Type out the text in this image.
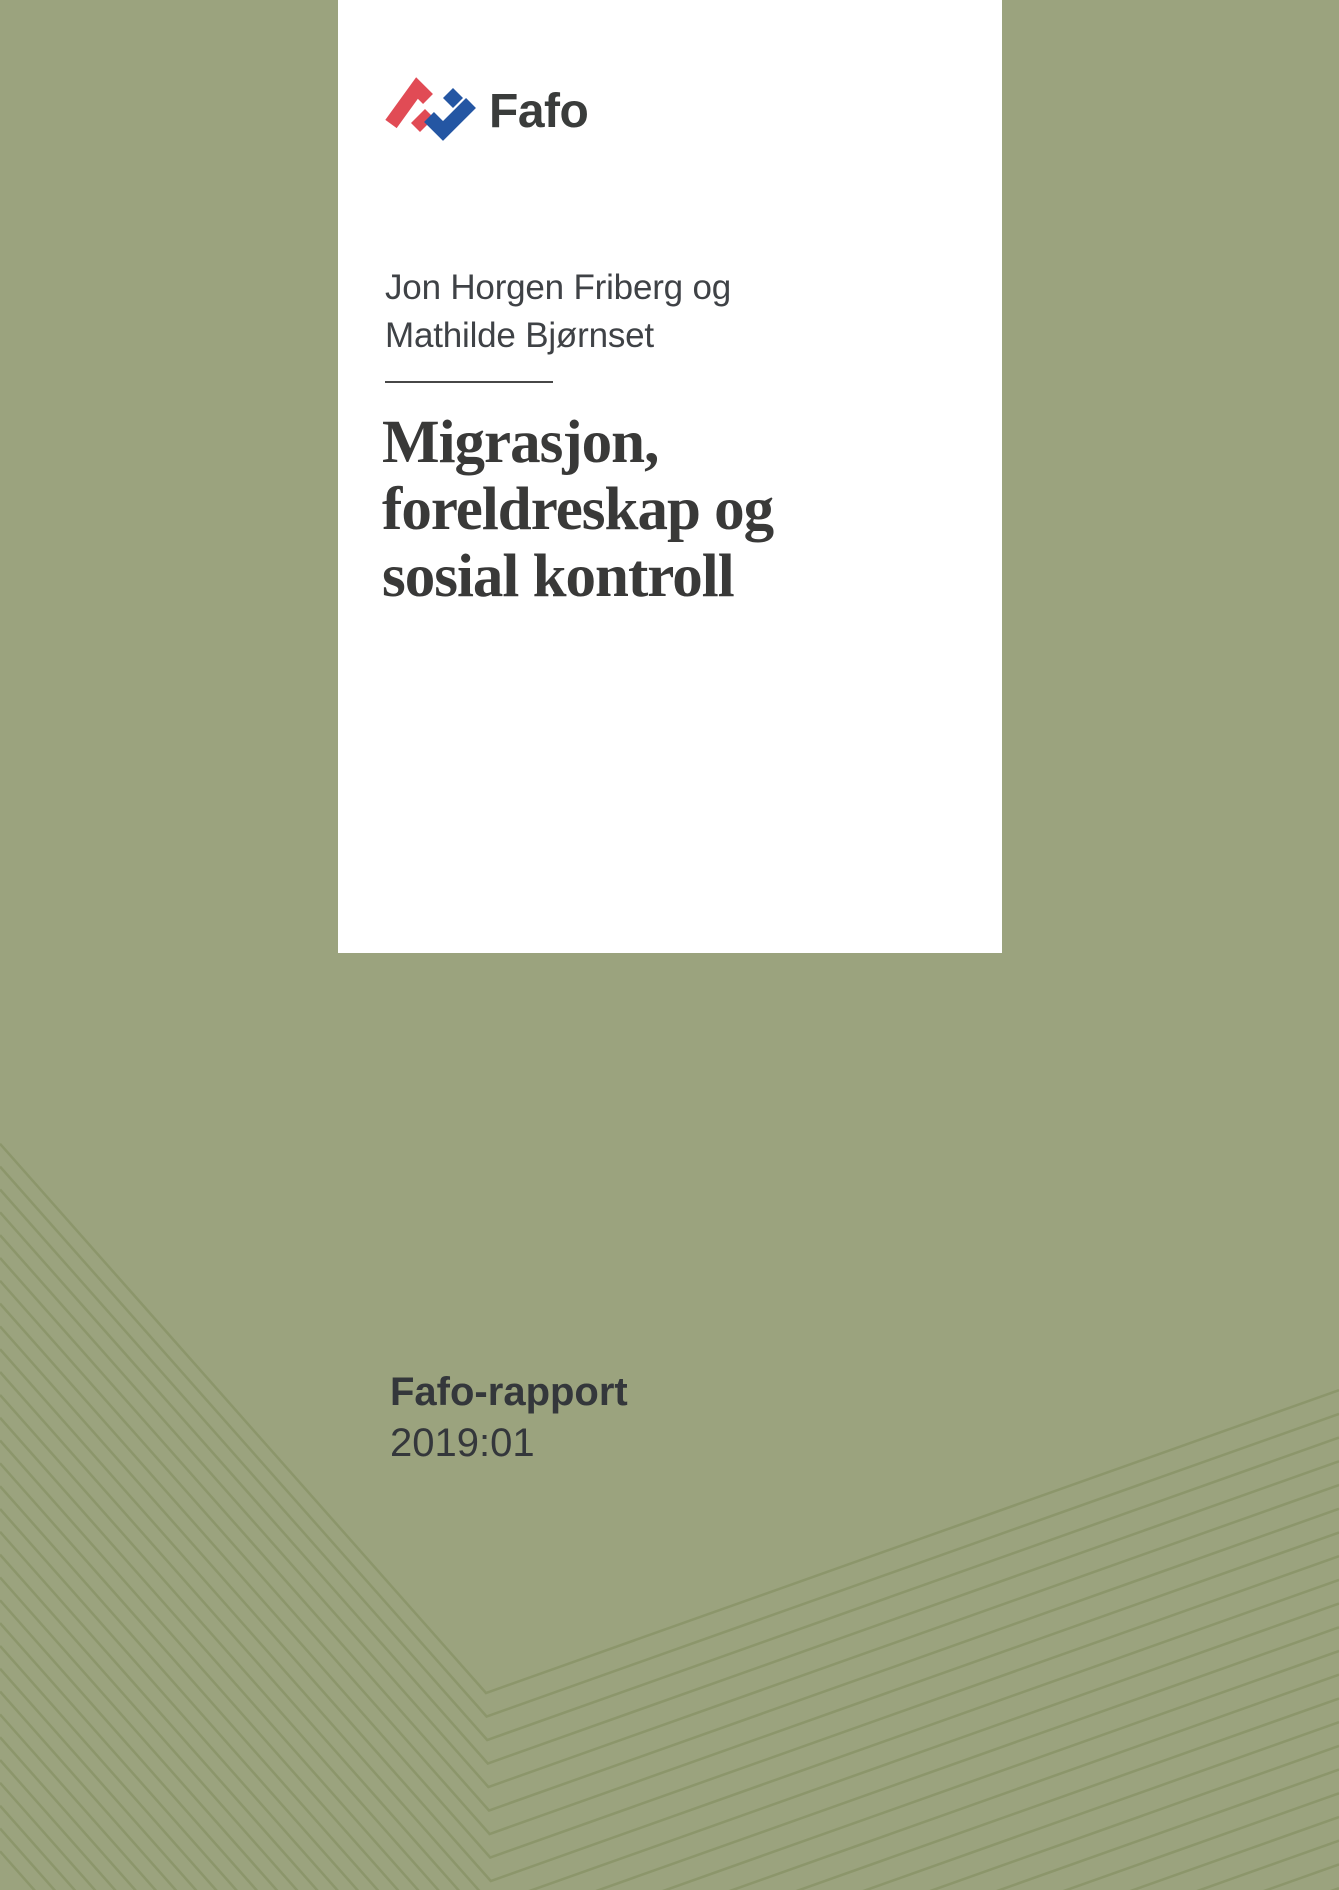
Fafo
Jon Horgen Friberg og
Mathilde Bjørnset
Migrasjon,
foreldreskap og
sosial kontroll
Fafo-rapport
2019:01
